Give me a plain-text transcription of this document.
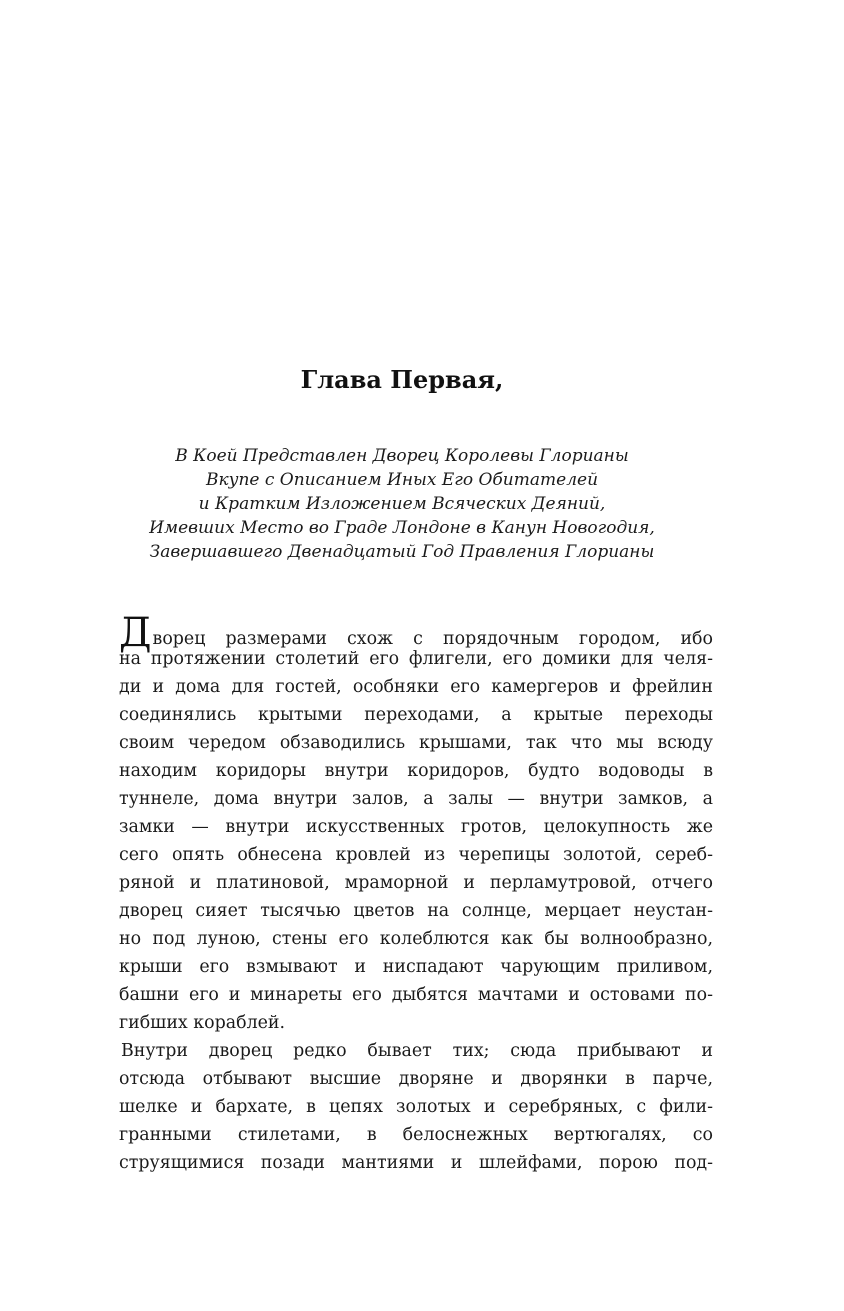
Глава Первая,
В Коей Представлен Дворец Королевы Глорианы
Вкупе с Описанием Иных Его Обитателей
и Кратким Изложением Всяческих Деяний,
Имевших Место во Граде Лондоне в Канун Новогодия,
Завершавшего Двенадцатый Год Правления Глорианы
Дворец размерами схож с порядочным городом, ибо
на протяжении столетий его флигели, его домики для челя-
ди и дома для гостей, особняки его камергеров и фрейлин
соединялись крытыми переходами, а крытые переходы
своим чередом обзаводились крышами, так что мы всюду
находим коридоры внутри коридоров, будто водоводы в
туннеле, дома внутри залов, а залы — внутри замков, а
замки — внутри искусственных гротов, целокупность же
сего опять обнесена кровлей из черепицы золотой, сереб-
ряной и платиновой, мраморной и перламутровой, отчего
дворец сияет тысячью цветов на солнце, мерцает неустан-
но под луною, стены его колеблются как бы волнообразно,
крыши его взмывают и ниспадают чарующим приливом,
башни его и минареты его дыбятся мачтами и остовами по-
гибших кораблей.
Внутри дворец редко бывает тих; сюда прибывают и
отсюда отбывают высшие дворяне и дворянки в парче,
шелке и бархате, в цепях золотых и серебряных, с фили-
гранными стилетами, в белоснежных вертюгалях, со
струящимися позади мантиями и шлейфами, порою под-
